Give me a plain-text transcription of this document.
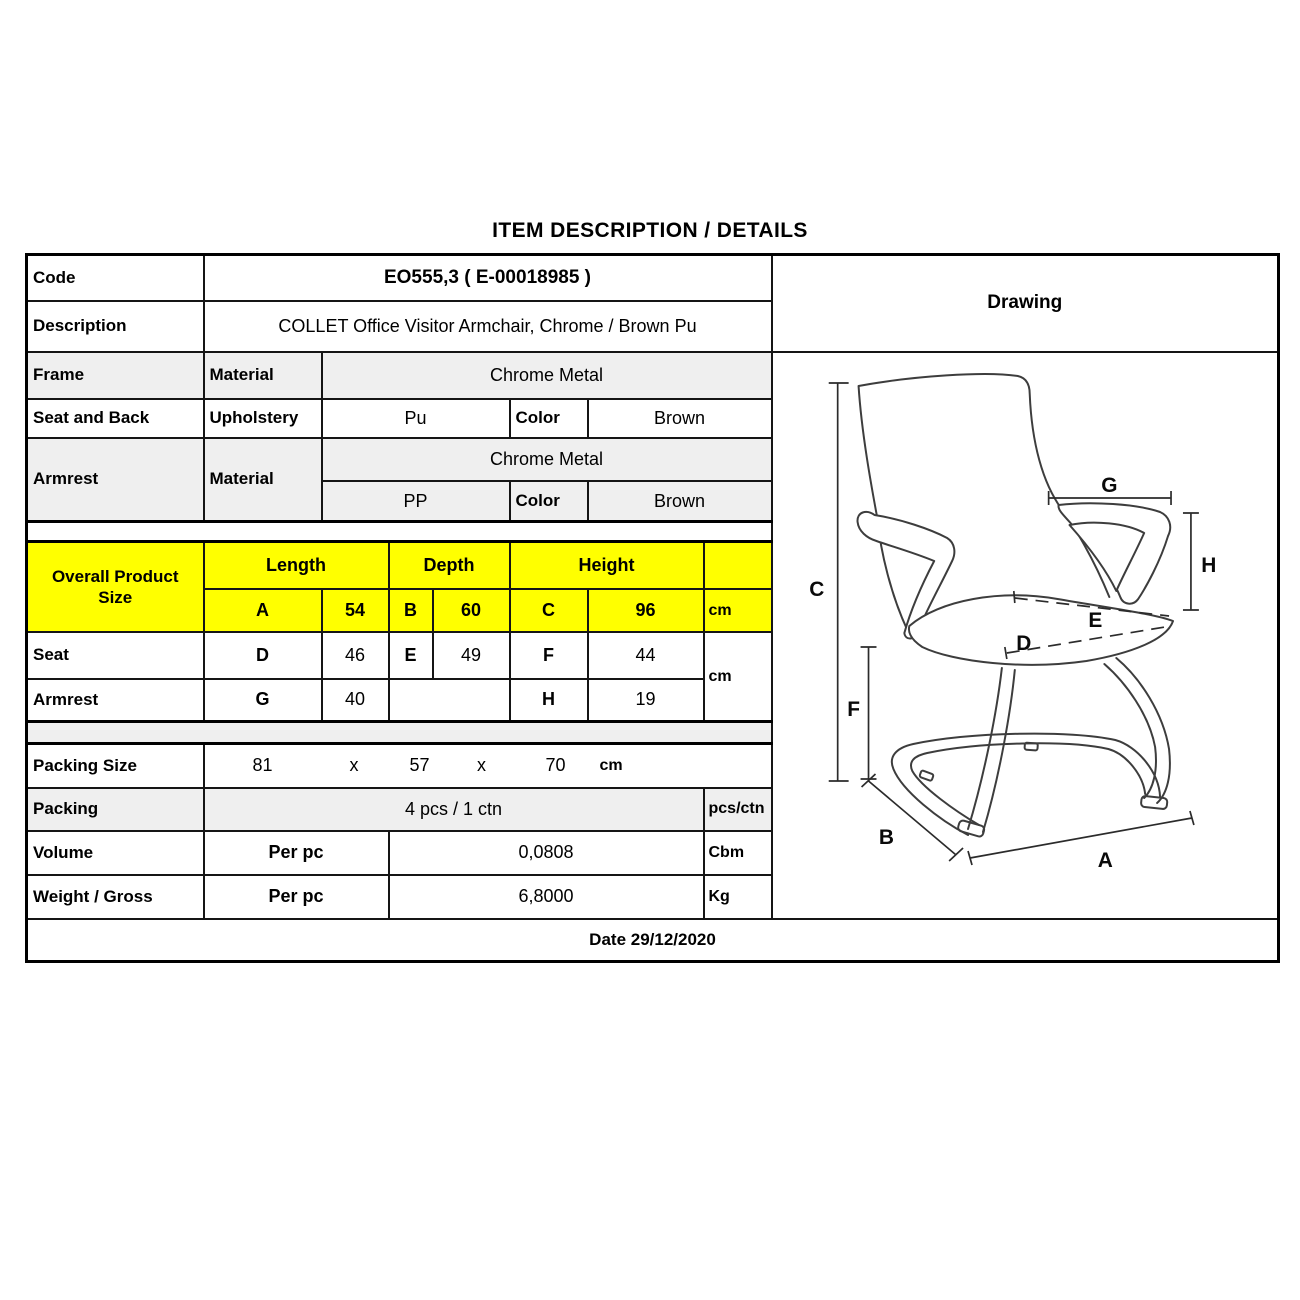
ITEM DESCRIPTION / DETAILS
Code	EO555,3 ( E-00018985 )							Drawing
Description	COLLET Office Visitor Armchair, Chrome / Brown Pu							
Frame	Material	Chrome Metal	
C
F
B
A
G
H
E
D

Seat and Back	Upholstery	Pu			Color	Brown		
Armrest	Material	Chrome Metal						
		PP			Color	Brown		

Overall Product Size	Length		Depth		Height			
	A	54	B	60	C	96	cm	
Seat	D	46	E	49	F	44	cm	
Armrest	G	40			H	19		

Packing Size	81	x	57	x	70	cm

Packing	4 pcs / 1 ctn						pcs/ctn	
Volume	Per pc		0,0808				Cbm	
Weight / Gross	Per pc		6,8000				Kg	
Date 29/12/2020								
